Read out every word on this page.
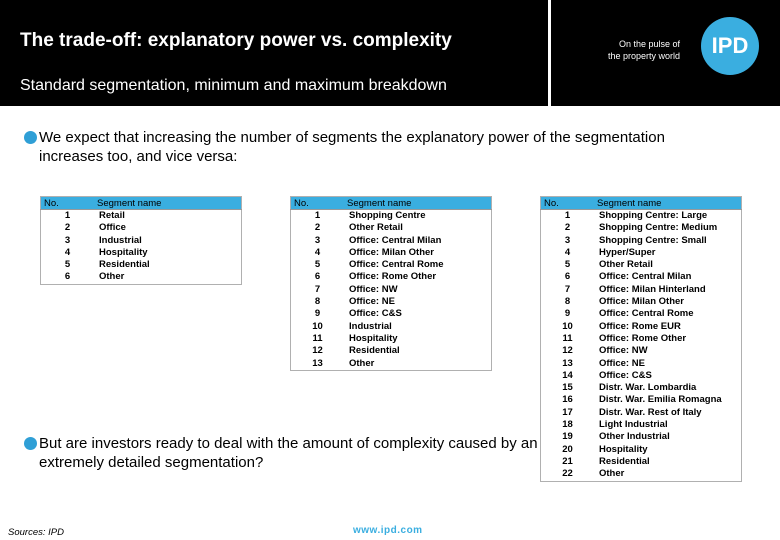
The trade-off: explanatory power vs. complexity
Standard segmentation, minimum and maximum breakdown
On the pulse of
the property world	IPD
We expect that increasing the number of segments the explanatory power of the segmentation increases too, and vice versa:
No.	Segment name
1	Retail
2	Office
3	Industrial
4	Hospitality
5	Residential
6	Other
No.	Segment name
1	Shopping Centre
2	Other Retail
3	Office: Central Milan
4	Office: Milan Other
5	Office: Central Rome
6	Office: Rome Other
7	Office: NW
8	Office: NE
9	Office: C&S
10	Industrial
11	Hospitality
12	Residential
13	Other
No.	Segment name
1	Shopping Centre: Large
2	Shopping Centre: Medium
3	Shopping Centre: Small
4	Hyper/Super
5	Other Retail
6	Office: Central Milan
7	Office: Milan Hinterland
8	Office: Milan Other
9	Office: Central Rome
10	Office: Rome EUR
11	Office: Rome Other
12	Office: NW
13	Office: NE
14	Office: C&S
15	Distr. War. Lombardia
16	Distr. War. Emilia Romagna
17	Distr. War. Rest of Italy
18	Light Industrial
19	Other Industrial
20	Hospitality
21	Residential
22	Other
But are investors ready to deal with the amount of complexity caused by an extremely detailed segmentation?
Sources: IPD	www.ipd.com
